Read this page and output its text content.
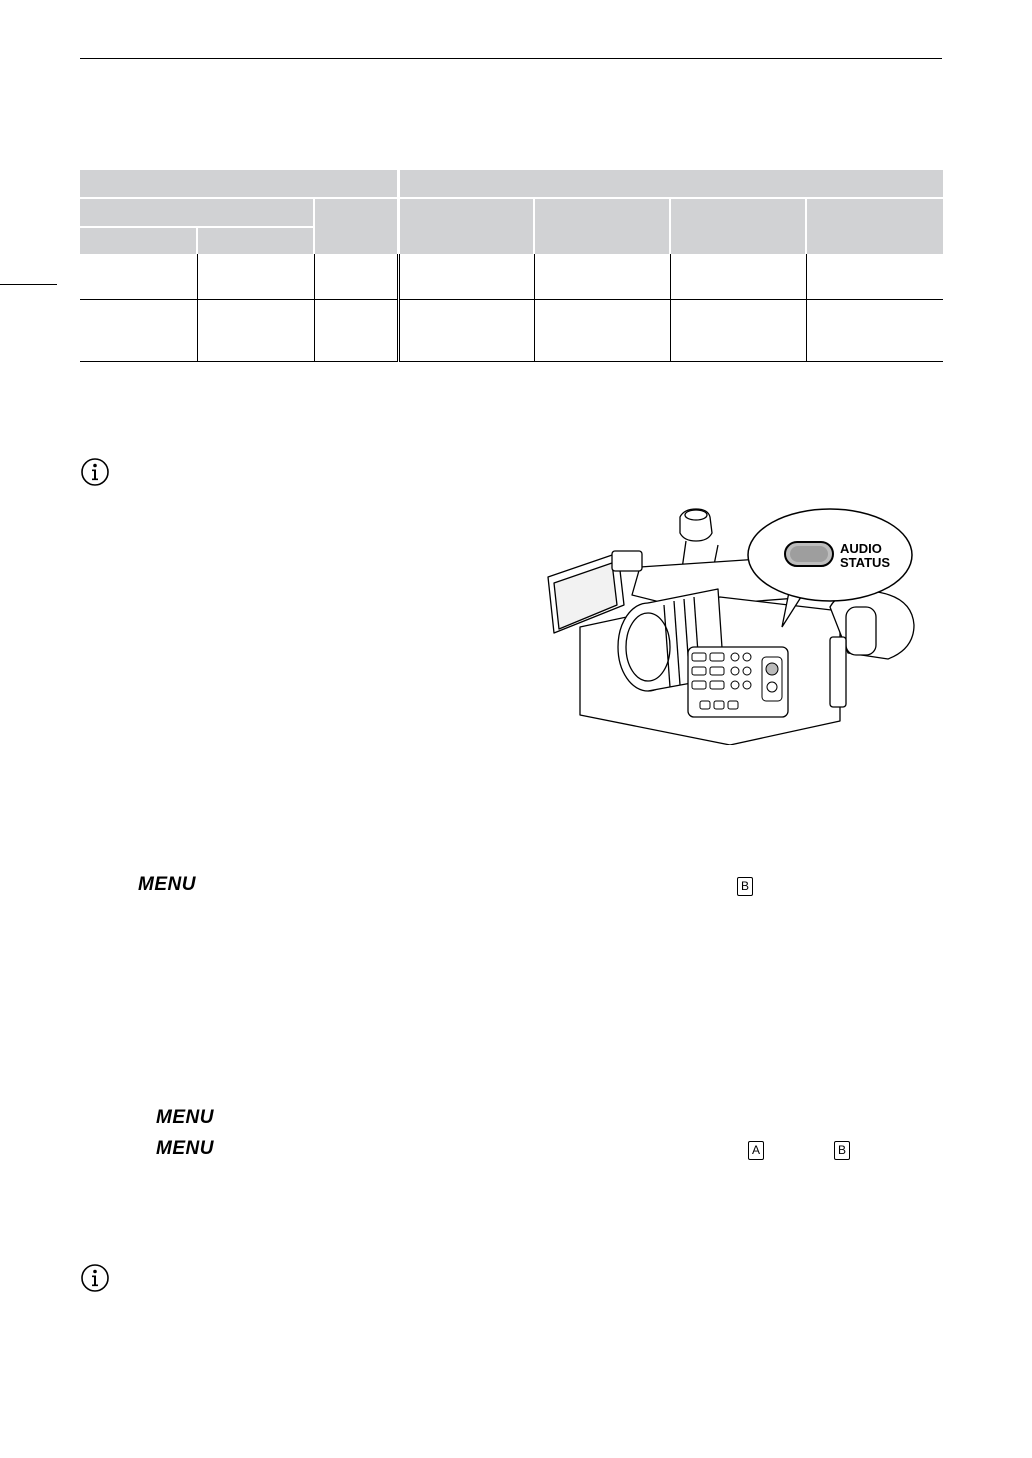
AUDIO
STATUS
MENU	B
MENU
MENU	A	B
